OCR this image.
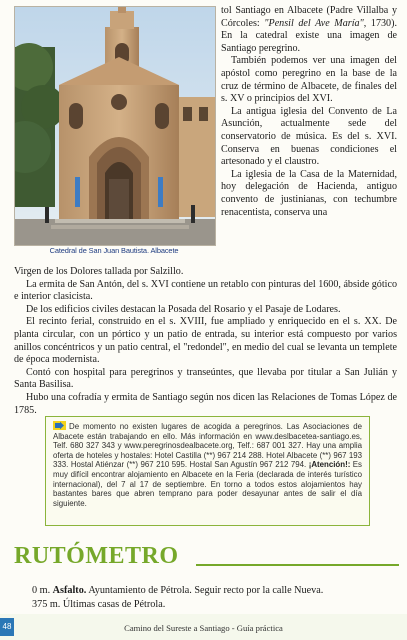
Catedral de San Juan Bautista. Albacete

tol Santiago en Albacete (Padre Villalba y Córcoles: "Pensil del Ave María", 1730). En la catedral existe una imagen de Santiago peregrino.

También podemos ver una imagen del apóstol como peregrino en la base de la cruz de término de Albacete, de finales del s. XV o principios del XVI.

La antigua iglesia del Convento de La Asunción, actualmente sede del conservatorio de música. Es del s. XVI. Conserva en buenas condiciones el artesonado y el claustro.

La iglesia de la Casa de la Maternidad, hoy delegación de Hacienda, antiguo convento de justinianas, con techumbre renacentista, conserva una

Virgen de los Dolores tallada por Salzillo.

La ermita de San Antón, del s. XVI contiene un retablo con pinturas del 1600, ábside gótico e interior clasicista.

De los edificios civiles destacan la Posada del Rosario y el Pasaje de Lodares.

El recinto ferial, construido en el s. XVIII, fue ampliado y enriquecido en el s. XX. De planta circular, con un pórtico y un patio de entrada, su interior está compuesto por varios anillos concéntricos y un patio central, el "redondel", en medio del cual se levanta un templete de época modernista.

Contó con hospital para peregrinos y transeúntes, que llevaba por titular a San Julián y Santa Basilisa.

Hubo una cofradía y ermita de Santiago según nos dicen las Relaciones de Tomas López de 1785.

De momento no existen lugares de acogida a peregrinos. Las Asociaciones de Albacete están trabajando en ello. Más información en www.deslbacetea-santiago.es, Telf. 680 327 343 y www.peregrinosdealbacete.org, Telf.: 687 001 327. Hay una amplia oferta de hoteles y hostales: Hotel Castilla (**) 967 214 288. Hotel Albacete (**) 967 193 333. Hostal Atiénzar (**) 967 210 595. Hostal San Agustín 967 212 794. ¡Atención!: Es muy difícil encontrar alojamiento en Albacete en la Feria (declarada de interés turístico internacional), del 7 al 17 de septiembre. En torno a todos estos alojamientos hay bastantes bares que abren temprano para poder desayunar antes de salir el día siguiente.
RUTÓMETRO

0 m. Asfalto. Ayuntamiento de Pétrola. Seguir recto por la calle Nueva.

375 m. Últimas casas de Pétrola.

48	Camino del Sureste a Santiago - Guía práctica
